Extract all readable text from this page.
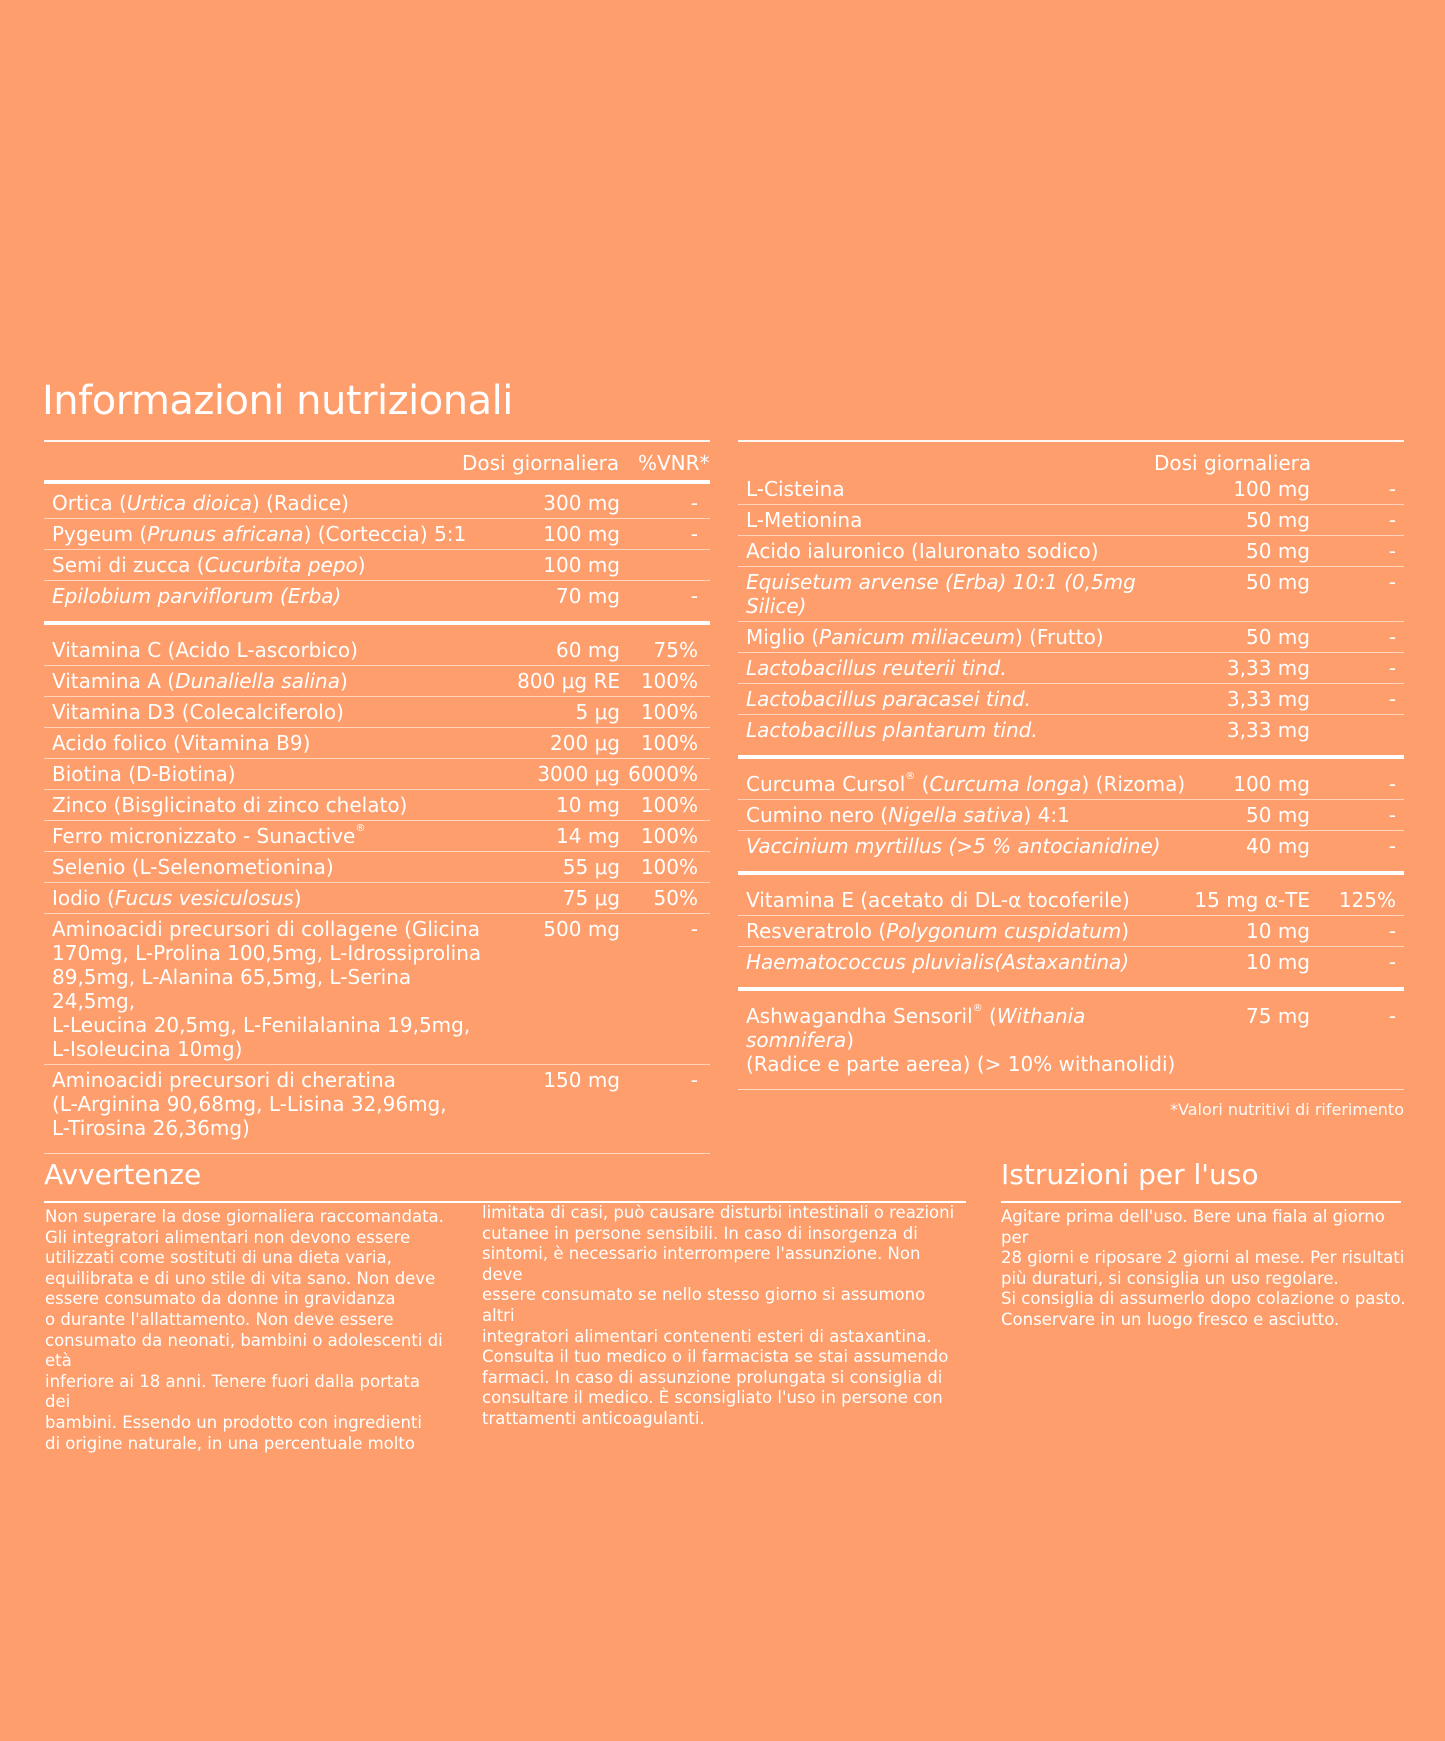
Informazioni nutrizionali
Dosi giornaliera %VNR*
Ortica (Urtica dioica) (Radice)	300 mg	-
Pygeum (Prunus africana) (Corteccia) 5:1	100 mg	-
Semi di zucca (Cucurbita pepo)	100 mg
Epilobium parviflorum (Erba)	70 mg	-
Vitamina C (Acido L-ascorbico)	60 mg	75%
Vitamina A (Dunaliella salina)	800 μg RE	100%
Vitamina D3 (Colecalciferolo)	5 μg	100%
Acido folico (Vitamina B9)	200 μg	100%
Biotina (D-Biotina)	3000 μg 6000%
Zinco (Bisglicinato di zinco chelato)	10 mg	100%
Ferro micronizzato - Sunactive®	14 mg	100%
Selenio (L-Selenometionina)	55 μg	100%
Iodio (Fucus vesiculosus)	75 μg	50%
Aminoacidi precursori di collagene (Glicina
170mg, L-Prolina 100,5mg, L-Idrossiprolina
89,5mg, L-Alanina 65,5mg, L-Serina 24,5mg,
L-Leucina 20,5mg, L-Fenilalanina 19,5mg,
L-Isoleucina 10mg)
500 mg	-
Aminoacidi precursori di cheratina
(L-Arginina 90,68mg, L-Lisina 32,96mg,
L-Tirosina 26,36mg)
150 mg	-
Dosi giornaliera
L-Cisteina	100 mg	-
L-Metionina	50 mg	-
Acido ialuronico (Ialuronato sodico)	50 mg	-
Equisetum arvense (Erba) 10:1 (0,5mg Silice)
50 mg	-
Miglio (Panicum miliaceum) (Frutto)	50 mg	-
Lactobacillus reuterii tind.	3,33 mg	-
Lactobacillus paracasei tind.	3,33 mg	-
Lactobacillus plantarum tind.	3,33 mg
Curcuma Cursol® (Curcuma longa) (Rizoma)	100 mg	-
Cumino nero (Nigella sativa) 4:1	50 mg	-
Vaccinium myrtillus (>5 % antocianidine)	40 mg	-
Vitamina E (acetato di DL-α tocoferile)	15 mg α-TE	125%
Resveratrolo (Polygonum cuspidatum)	10 mg	-
Haematococcus pluvialis(Astaxantina)	10 mg	-
Ashwagandha Sensoril® (Withania somnifera)
(Radice e parte aerea) (> 10% withanolidi)
75 mg	-
*Valori nutritivi di riferimento
Avvertenze

Non superare la dose giornaliera raccomandata.
Gli integratori alimentari non devono essere
utilizzati come sostituti di una dieta varia,
equilibrata e di uno stile di vita sano. Non deve
essere consumato da donne in gravidanza
o durante l'allattamento. Non deve essere
consumato da neonati, bambini o adolescenti di età
inferiore ai 18 anni. Tenere fuori dalla portata dei
bambini. Essendo un prodotto con ingredienti
di origine naturale, in una percentuale molto

limitata di casi, può causare disturbi intestinali o reazioni
cutanee in persone sensibili. In caso di insorgenza di
sintomi, è necessario interrompere l'assunzione. Non deve
essere consumato se nello stesso giorno si assumono altri
integratori alimentari contenenti esteri di astaxantina.
Consulta il tuo medico o il farmacista se stai assumendo
farmaci. In caso di assunzione prolungata si consiglia di
consultare il medico. È sconsigliato l'uso in persone con
trattamenti anticoagulanti.

Istruzioni per l'uso

Agitare prima dell'uso. Bere una fiala al giorno per
28 giorni e riposare 2 giorni al mese. Per risultati
più duraturi, si consiglia un uso regolare.
Si consiglia di assumerlo dopo colazione o pasto.
Conservare in un luogo fresco e asciutto.
